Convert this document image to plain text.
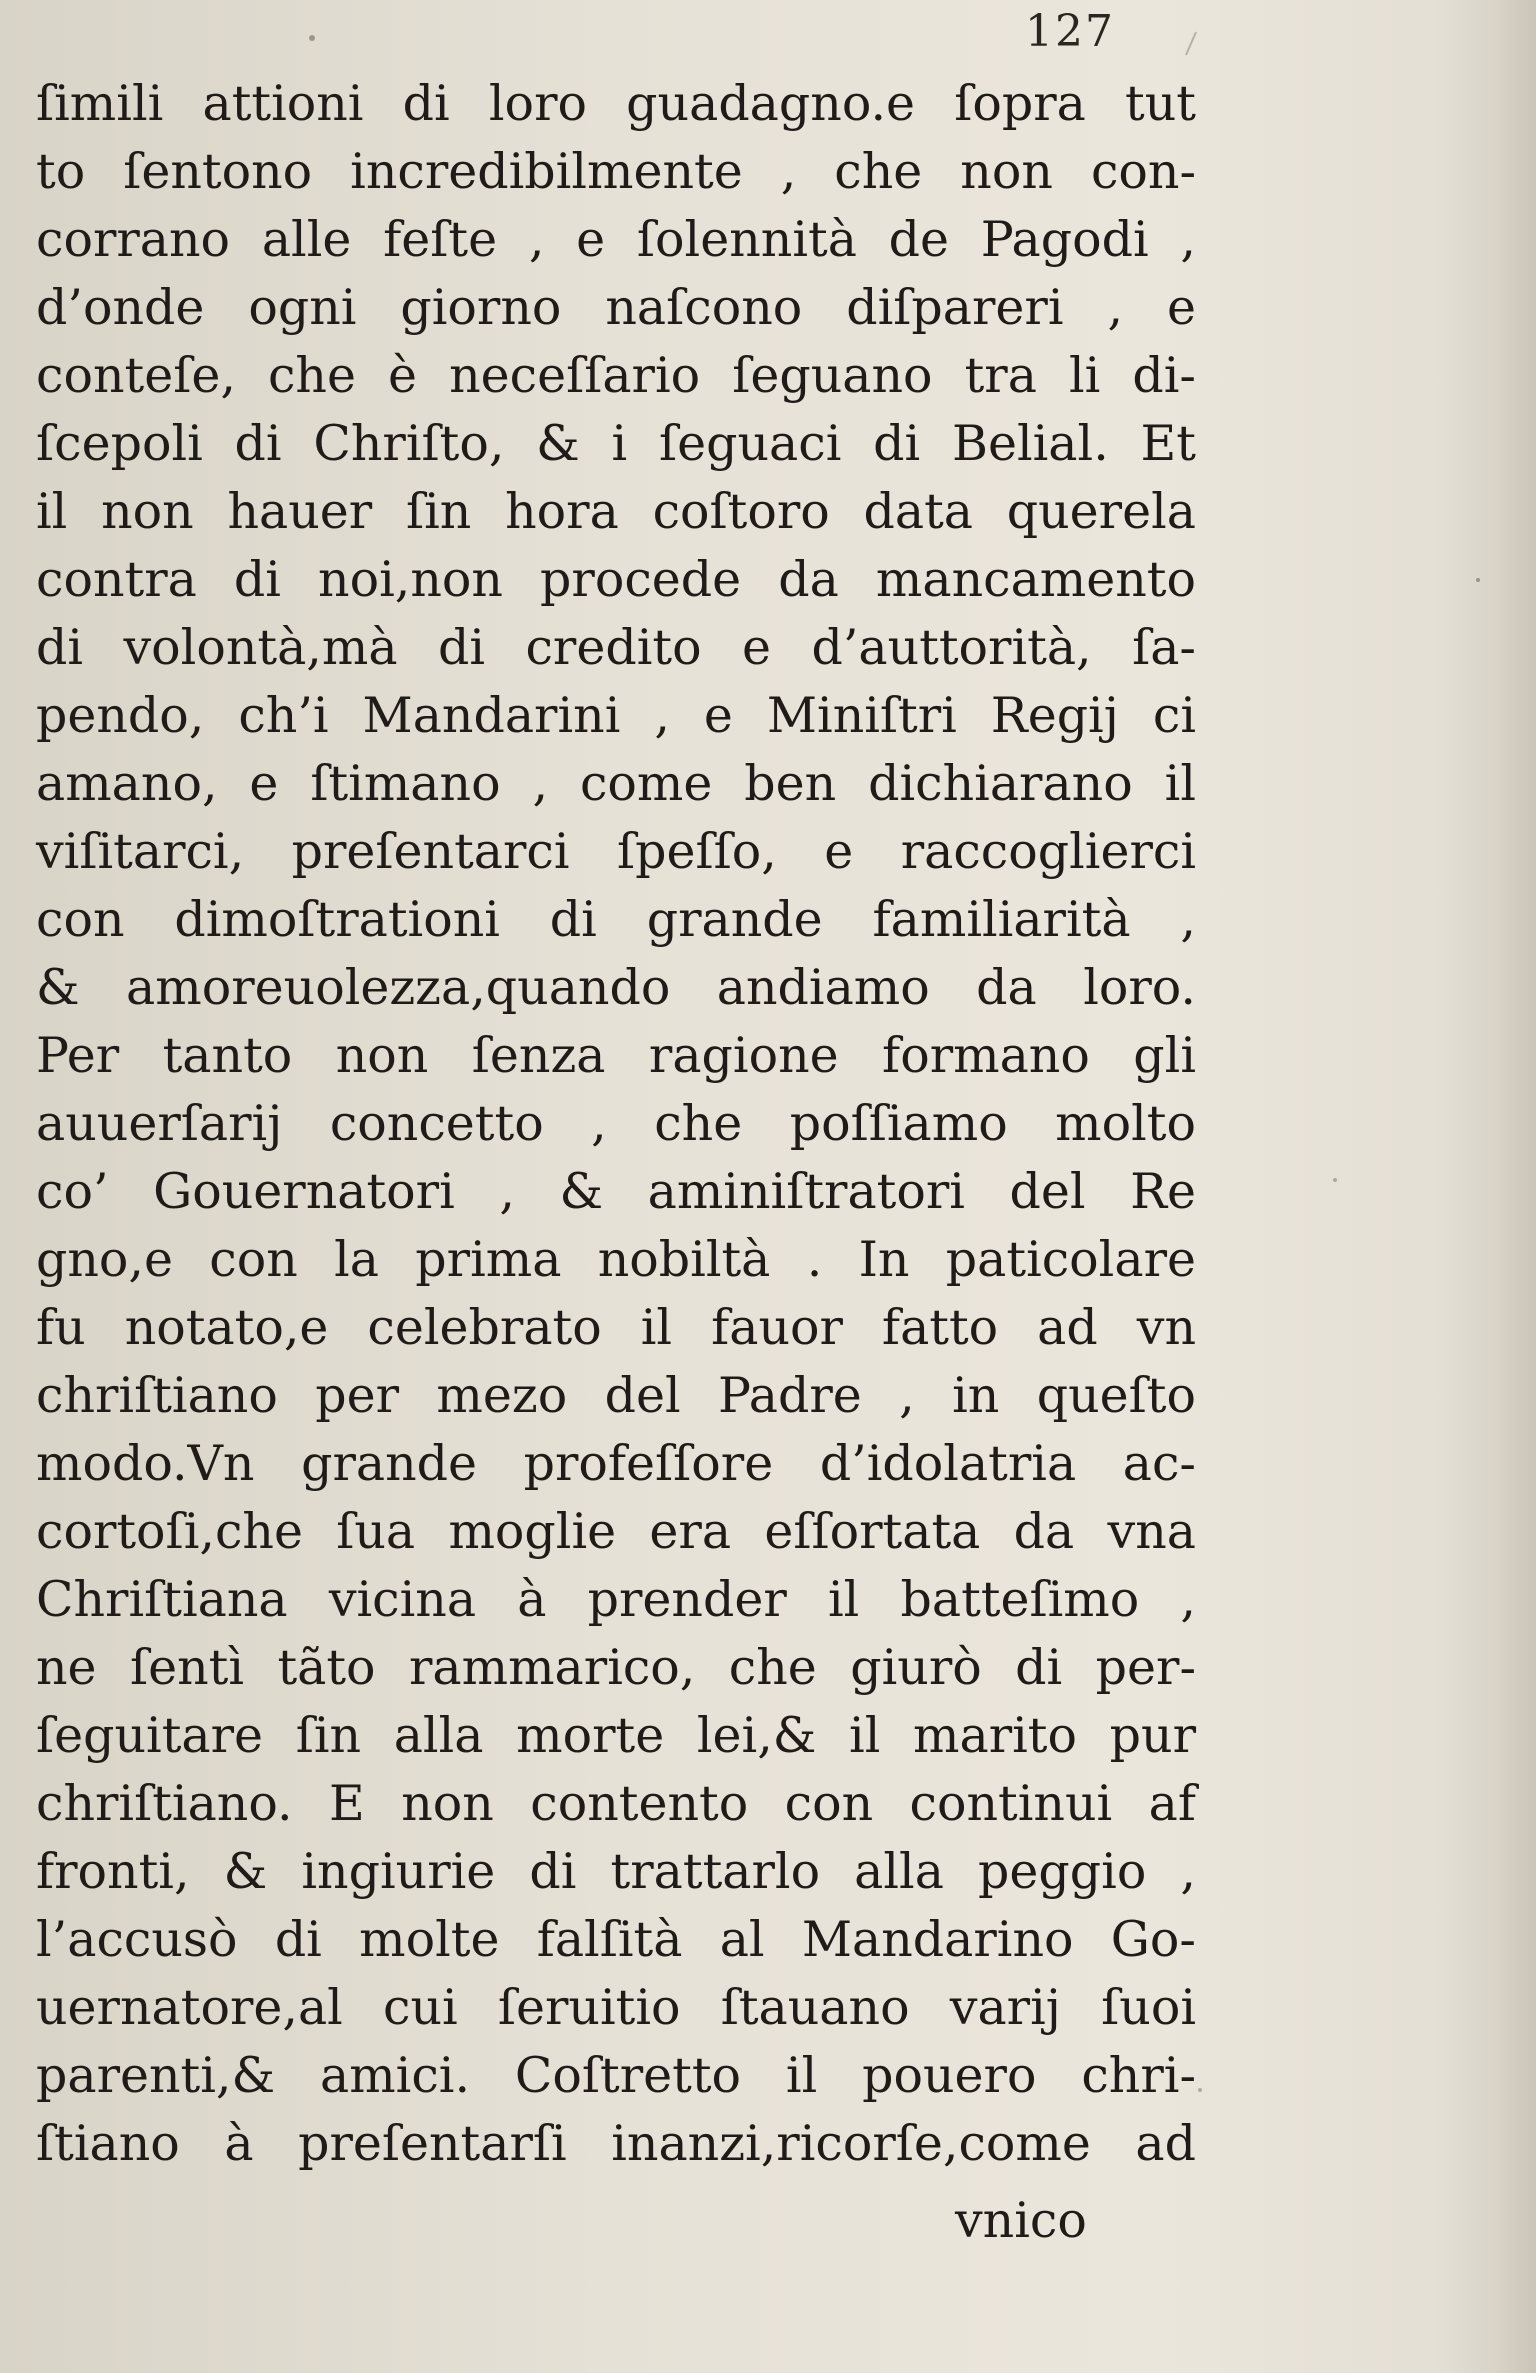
127
ſimili attioni di loro guadagno.e ſopra tut
to ſentono incredibilmente , che non con-
corrano alle feſte , e ſolennità de Pagodi ,
d’onde ogni giorno naſcono diſpareri , e
conteſe, che è neceſſario ſeguano tra li di-
ſcepoli di Chriſto, & i ſeguaci di Belial. Et
il non hauer ſin hora coſtoro data querela
contra di noi,non procede da mancamento
di volontà,mà di credito e d’auttorità, ſa-
pendo, ch’i Mandarini , e Miniſtri Regij ci
amano, e ſtimano , come ben dichiarano il
viſitarci, preſentarci ſpeſſo, e raccoglierci
con dimoſtrationi di grande familiarità ,
& amoreuolezza,quando andiamo da loro.
Per tanto non ſenza ragione formano gli
auuerſarij concetto , che poſſiamo molto
co’ Gouernatori , & aminiſtratori del Re
gno,e con la prima nobiltà . In paticolare
fu notato,e celebrato il fauor fatto ad vn
chriſtiano per mezo del Padre , in queſto
modo.Vn grande profeſſore d’idolatria ac-
cortoſi,che ſua moglie era eſſortata da vna
Chriſtiana vicina à prender il batteſimo ,
ne ſentì tãto rammarico, che giurò di per-
ſeguitare ſin alla morte lei,& il marito pur
chriſtiano. E non contento con continui af
fronti, & ingiurie di trattarlo alla peggio ,
l’accusò di molte falſità al Mandarino Go-
uernatore,al cui ſeruitio ſtauano varij ſuoi
parenti,& amici. Coſtretto il pouero chri-
ſtiano à preſentarſi inanzi,ricorſe,come ad
vnico
